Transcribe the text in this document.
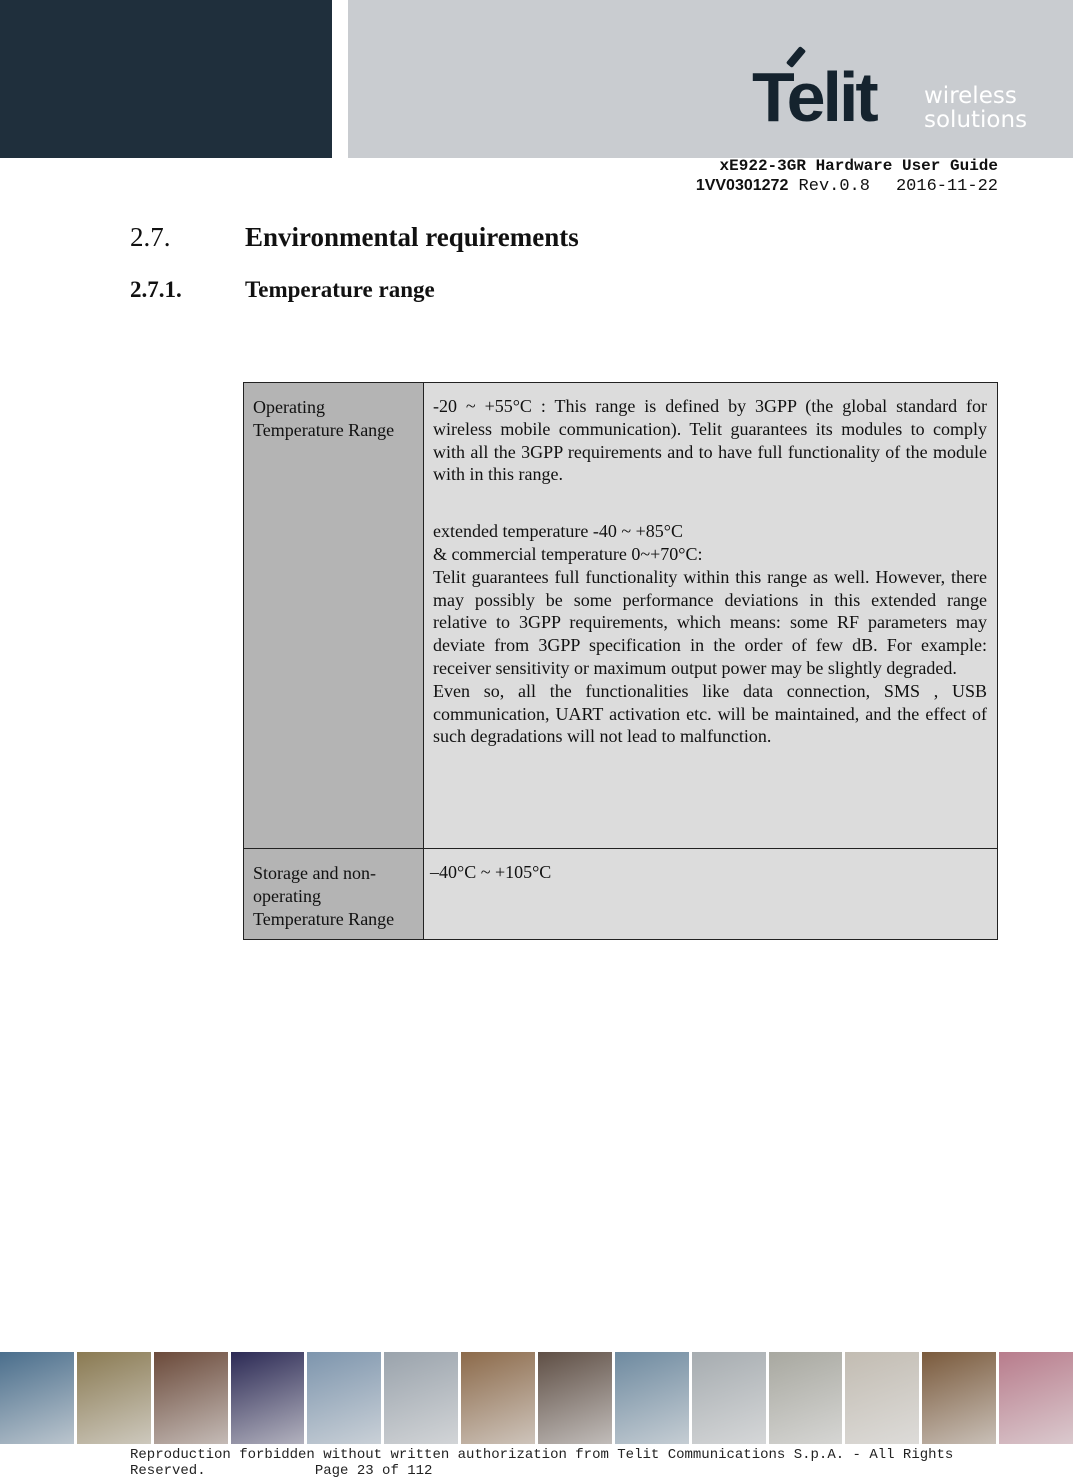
Telit wireless
solutions
xE922-3GR Hardware User Guide
1VV0301272 Rev.0.8 2016-11-22
2.7.	Environmental requirements
2.7.1.	Temperature range
Operating Temperature Range	-20 ~ +55°C : This range is defined by 3GPP (the global standard for wireless mobile communication). Telit guarantees its modules to comply with all the 3GPP requirements and to have full functionality of the module with in this range.

extended temperature -40 ~ +85°C
& commercial temperature 0~+70°C:

Telit guarantees full functionality within this range as well. However, there may possibly be some performance deviations in this extended range relative to 3GPP requirements, which means: some RF parameters may deviate from 3GPP specification in the order of few dB. For example: receiver sensitivity or maximum output power may be slightly degraded.

Even so, all the functionalities like data connection, SMS , USB communication, UART activation etc. will be maintained, and the effect of such degradations will not lead to malfunction.

Storage and non-operating Temperature Range	–40°C ~ +105°C
Reproduction forbidden without written authorization from Telit Communications S.p.A. - All Rights
Reserved.             Page 23 of 112
